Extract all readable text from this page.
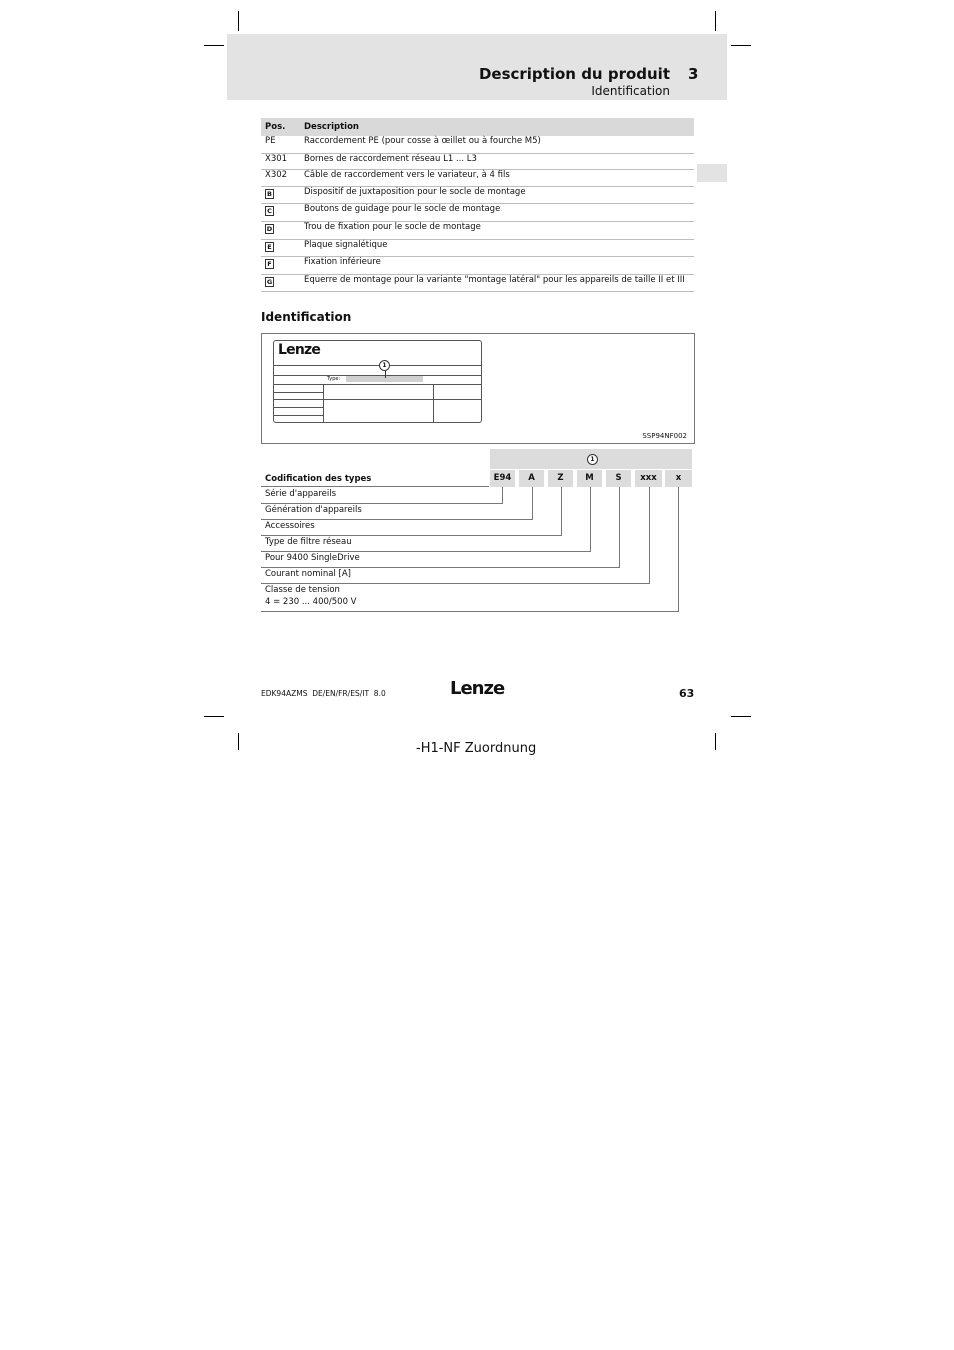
Description du produit 3
Identification
Pos.	Description
PE	Raccordement PE (pour cosse à œillet ou à fourche M5)
X301	Bornes de raccordement réseau L1 ... L3
X302	Câble de raccordement vers le variateur, à 4 fils
B	Dispositif de juxtaposition pour le socle de montage
C	Boutons de guidage pour le socle de montage
D	Trou de fixation pour le socle de montage
E	Plaque signalétique
F	Fixation inférieure
G	Equerre de montage pour la variante "montage latéral" pour les appareils de taille II et III
Identification
Lenze
Type:
1
SSP94NF002
1
E94	A	Z	M	S	xxx	x
Codification des types
Série d'appareils
Génération d'appareils
Accessoires
Type de filtre réseau
Pour 9400 SingleDrive
Courant nominal [A]
Classe de tension
4 = 230 ... 400/500 V
EDK94AZMS  DE/EN/FR/ES/IT  8.0	Lenze	63
-H1-NF Zuordnung
